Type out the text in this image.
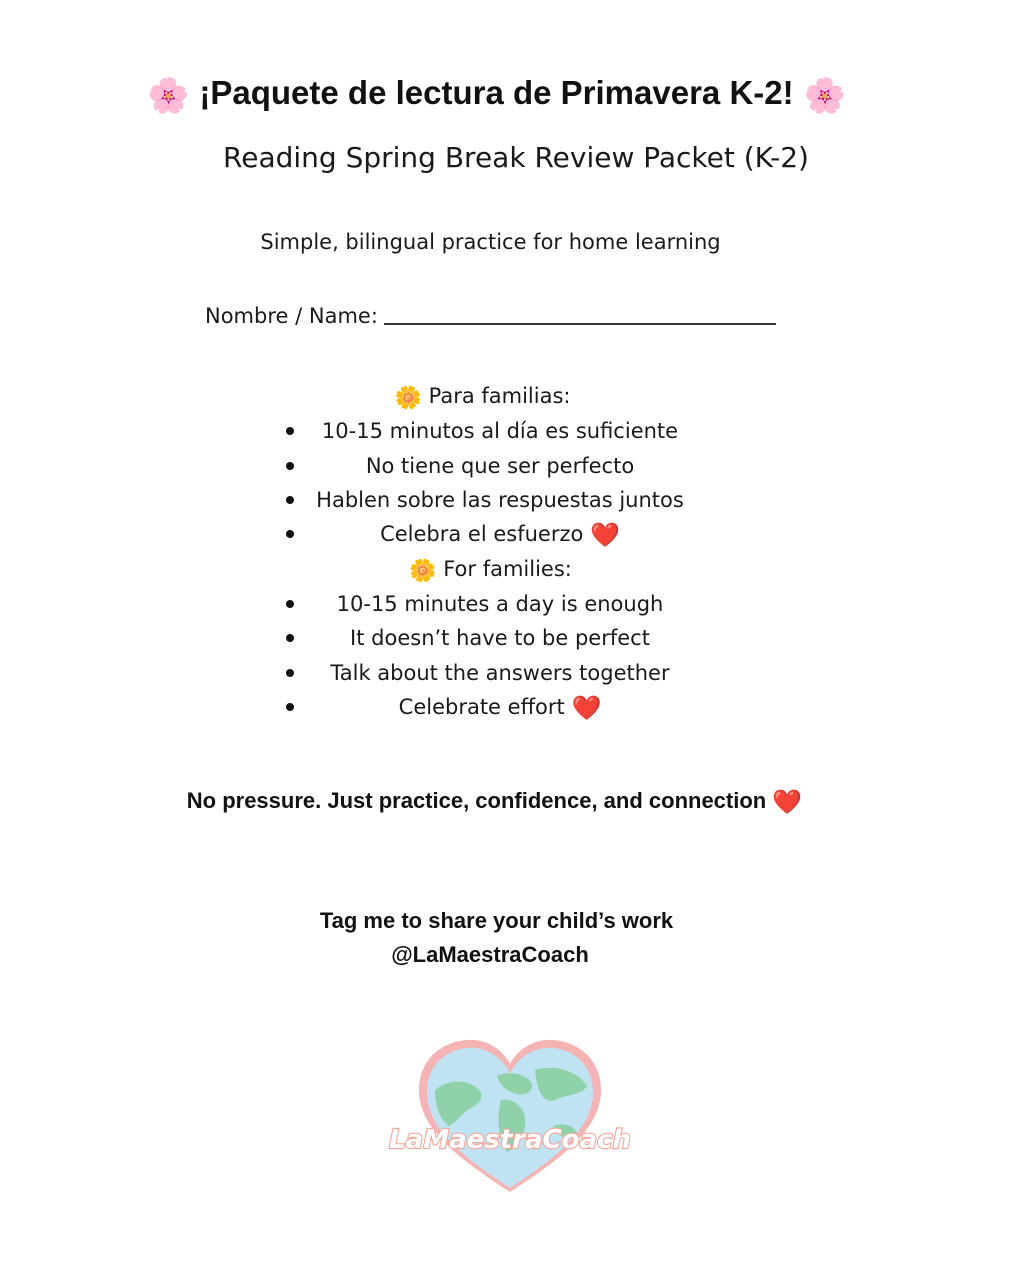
🌸 ¡Paquete de lectura de Primavera K-2! 🌸
Reading Spring Break Review Packet (K-2)
Simple, bilingual practice for home learning
Nombre / Name:
🌼 Para familias:
10-15 minutos al día es suficiente
No tiene que ser perfecto
Hablen sobre las respuestas juntos
Celebra el esfuerzo ❤️
🌼 For families:
10-15 minutes a day is enough
It doesn’t have to be perfect
Talk about the answers together
Celebrate effort ❤️
No pressure. Just practice, confidence, and connection ❤️
Tag me to share your child’s work
@LaMaestraCoach
LaMaestraCoach
